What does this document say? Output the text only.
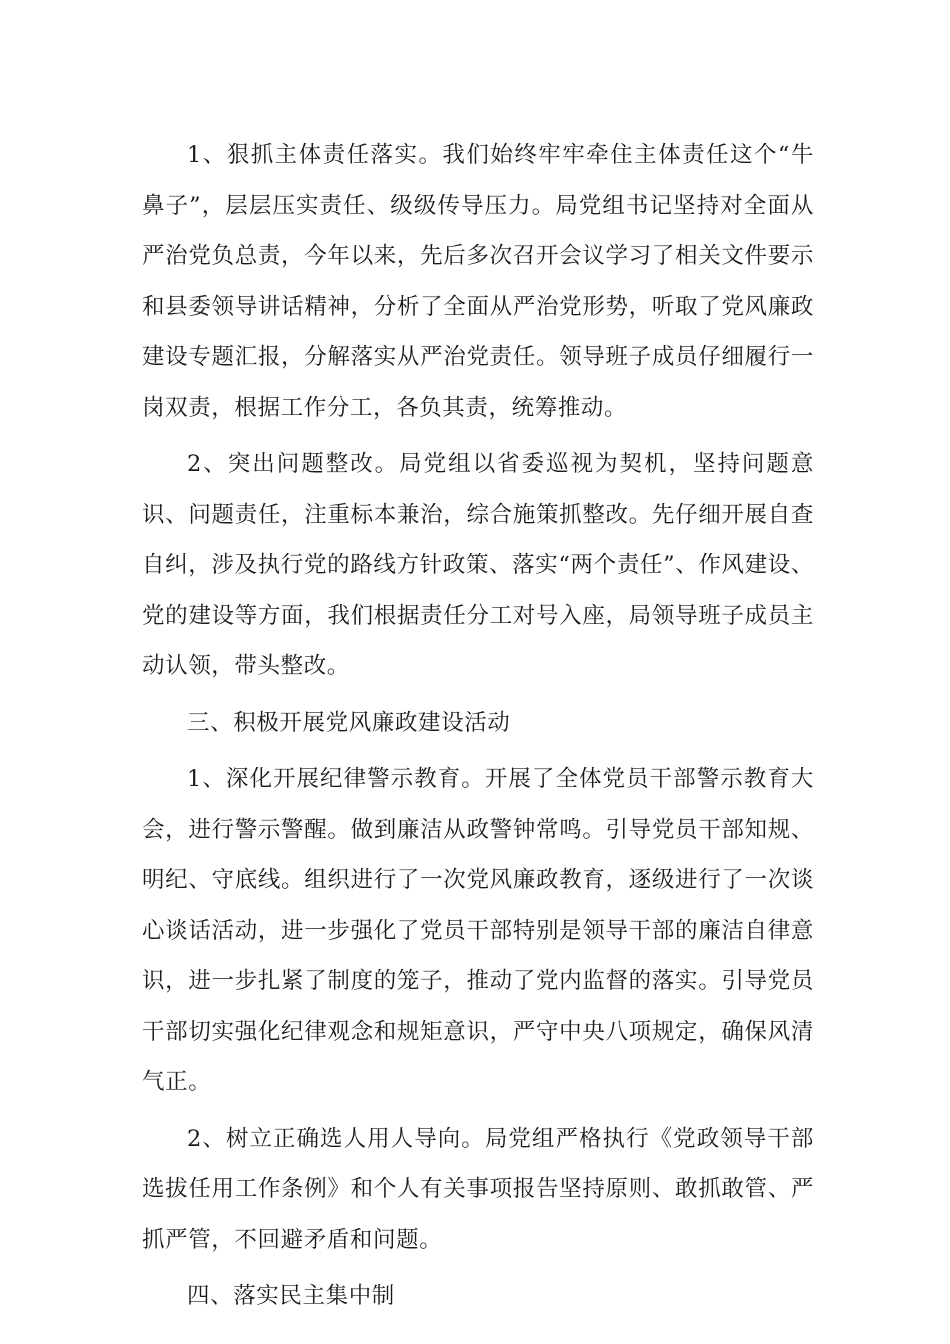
1、狠抓主体责任落实。我们始终牢牢牵住主体责任这个“牛鼻子”，层层压实责任、级级传导压力。局党组书记坚持对全面从严治党负总责，今年以来，先后多次召开会议学习了相关文件要示和县委领导讲话精神，分析了全面从严治党形势，听取了党风廉政建设专题汇报，分解落实从严治党责任。领导班子成员仔细履行一岗双责，根据工作分工，各负其责，统筹推动。

2、突出问题整改。局党组以省委巡视为契机，坚持问题意识、问题责任，注重标本兼治，综合施策抓整改。先仔细开展自查自纠，涉及执行党的路线方针政策、落实“两个责任”、作风建设、党的建设等方面，我们根据责任分工对号入座，局领导班子成员主动认领，带头整改。

三、积极开展党风廉政建设活动

1、深化开展纪律警示教育。开展了全体党员干部警示教育大会，进行警示警醒。做到廉洁从政警钟常鸣。引导党员干部知规、明纪、守底线。组织进行了一次党风廉政教育，逐级进行了一次谈心谈话活动，进一步强化了党员干部特别是领导干部的廉洁自律意识，进一步扎紧了制度的笼子，推动了党内监督的落实。引导党员干部切实强化纪律观念和规矩意识，严守中央八项规定，确保风清气正。

2、树立正确选人用人导向。局党组严格执行《党政领导干部选拔任用工作条例》和个人有关事项报告坚持原则、敢抓敢管、严抓严管，不回避矛盾和问题。

四、落实民主集中制
